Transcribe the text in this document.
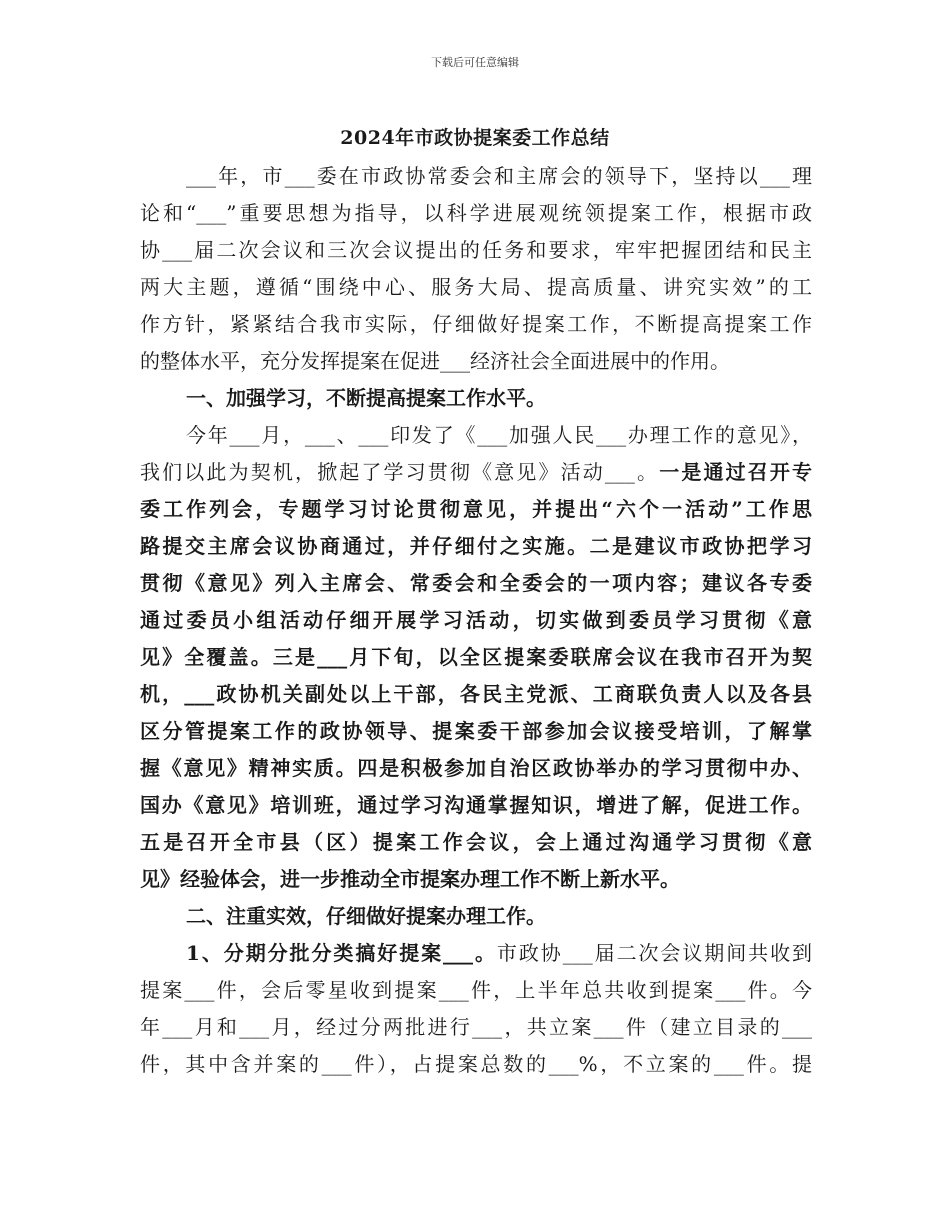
下载后可任意编辑
2024年市政协提案委工作总结
___年，市___委在市政协常委会和主席会的领导下，坚持以___理
论和“___”重要思想为指导，以科学进展观统领提案工作，根据市政
协___届二次会议和三次会议提出的任务和要求，牢牢把握团结和民主
两大主题，遵循“围绕中心、服务大局、提高质量、讲究实效”的工
作方针，紧紧结合我市实际，仔细做好提案工作，不断提高提案工作
的整体水平，充分发挥提案在促进___经济社会全面进展中的作用。
一、加强学习，不断提高提案工作水平。
今年___月，___、___印发了《___加强人民___办理工作的意见》，
我们以此为契机，掀起了学习贯彻《意见》活动___。一是通过召开专
委工作列会，专题学习讨论贯彻意见，并提出“六个一活动”工作思
路提交主席会议协商通过，并仔细付之实施。二是建议市政协把学习
贯彻《意见》列入主席会、常委会和全委会的一项内容；建议各专委
通过委员小组活动仔细开展学习活动，切实做到委员学习贯彻《意
见》全覆盖。三是___月下旬，以全区提案委联席会议在我市召开为契
机，___政协机关副处以上干部，各民主党派、工商联负责人以及各县
区分管提案工作的政协领导、提案委干部参加会议接受培训，了解掌
握《意见》精神实质。四是积极参加自治区政协举办的学习贯彻中办、
国办《意见》培训班，通过学习沟通掌握知识，增进了解，促进工作。
五是召开全市县（区）提案工作会议，会上通过沟通学习贯彻《意
见》经验体会，进一步推动全市提案办理工作不断上新水平。
二、注重实效，仔细做好提案办理工作。
1、分期分批分类搞好提案___。市政协___届二次会议期间共收到
提案___件，会后零星收到提案___件，上半年总共收到提案___件。今
年___月和___月，经过分两批进行___，共立案___件（建立目录的___
件，其中含并案的___件），占提案总数的___%，不立案的___件。提
